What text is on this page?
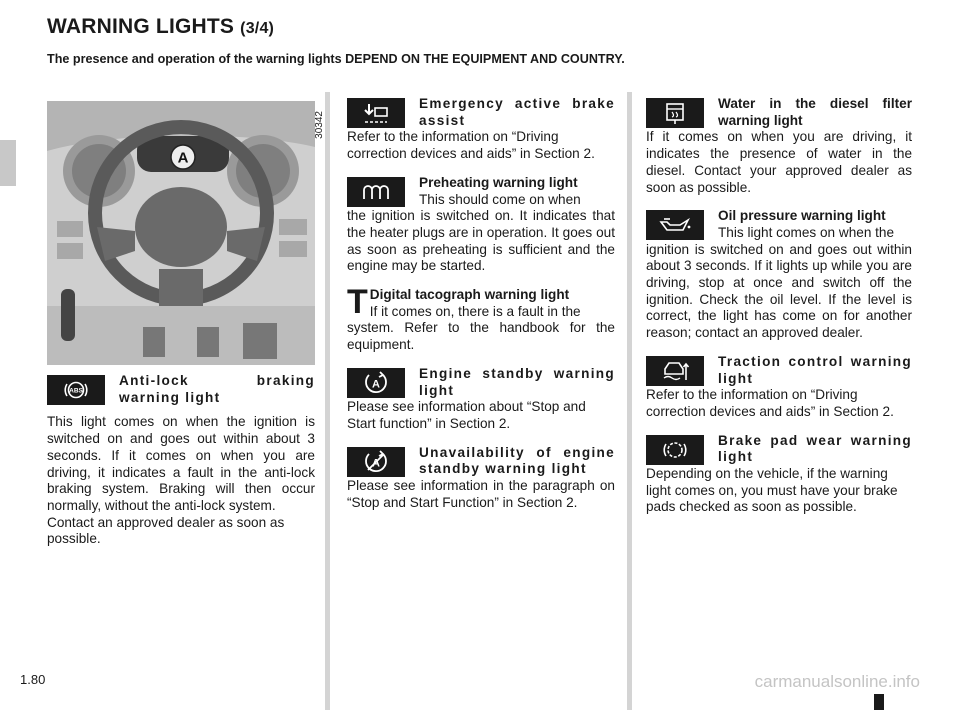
WARNING LIGHTS (3/4)

The presence and operation of the warning lights DEPEND ON THE EQUIPMENT AND COUNTRY.

A
30342
ABS
Anti-lock braking warning light

This light comes on when the ignition is switched on and goes out within about 3 seconds. If it comes on when you are driving, it indicates a fault in the anti-lock braking system. Braking will then occur normally, without the anti-lock system.

Contact an approved dealer as soon as possible.

Emergency active brake assist

Refer to the information on “Driving correction devices and aids” in Section 2.

Preheating warning light
This should come on when

the ignition is switched on. It indicates that the heater plugs are in operation. It goes out as soon as preheating is sufficient and the engine may be started.

T Digital tacograph warning light
If it comes on, there is a fault in the

system. Refer to the handbook for the equipment.

A
Engine standby warning light

Please see information about “Stop and Start function” in Section 2.

A
Unavailability of engine standby warning light

Please see information in the paragraph on “Stop and Start Function” in Section 2.

Water in the diesel filter warning light

If it comes on when you are driving, it indicates the presence of water in the diesel. Contact your approved dealer as soon as possible.

Oil pressure warning light
This light comes on when the

ignition is switched on and goes out within about 3 seconds. If it lights up while you are driving, stop at once and switch off the ignition. Check the oil level. If the level is correct, the light has come on for another reason; contact an approved dealer.

Traction control warning light

Refer to the information on “Driving correction devices and aids” in Section 2.

Brake pad wear warning light

Depending on the vehicle, if the warning light comes on, you must have your brake pads checked as soon as possible.

1.80	carmanualsonline.info
